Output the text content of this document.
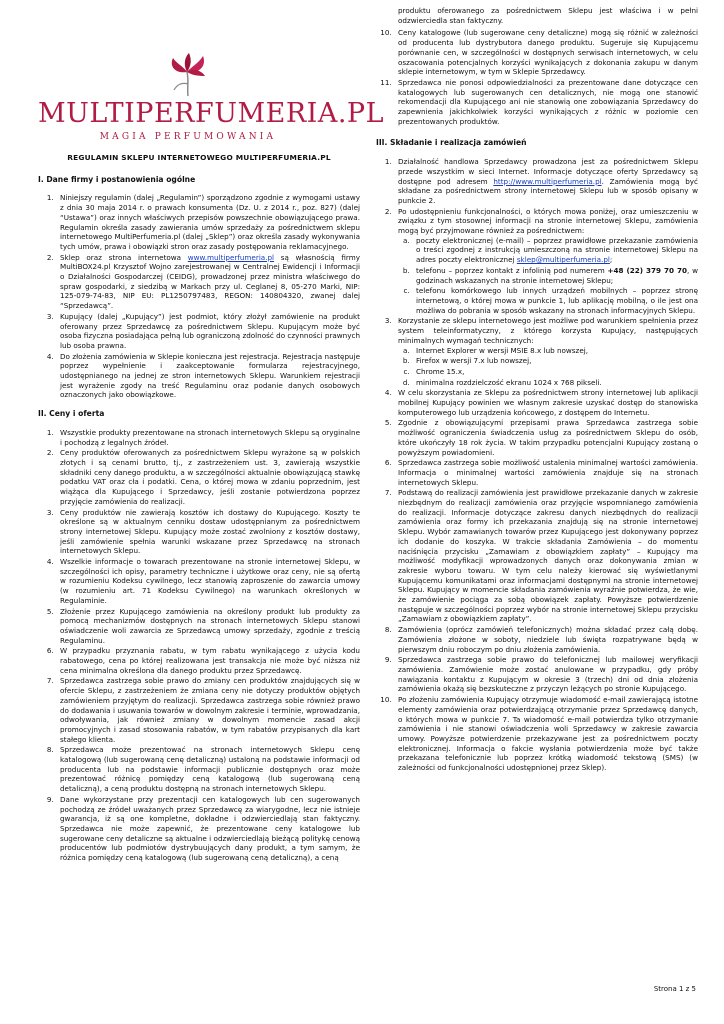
MULTIPERFUMERIA.PL
MAGIA PERFUMOWANIA
REGULAMIN SKLEPU INTERNETOWEGO MULTIPERFUMERIA.PL
I. Dane firmy i postanowienia ogólne
1. Niniejszy regulamin (dalej „Regulamin”) sporządzono zgodnie z wymogami ustawy z dnia 30 maja 2014 r. o prawach konsumenta (Dz. U. z 2014 r., poz. 827) (dalej “Ustawa”) oraz innych właściwych przepisów powszechnie obowiązującego prawa. Regulamin określa zasady zawierania umów sprzedaży za pośrednictwem sklepu internetowego MultiPerfumeria.pl (dalej „Sklep”) oraz określa zasady wykonywania tych umów, prawa i obowiązki stron oraz zasady postępowania reklamacyjnego.
2. Sklep oraz strona internetowa www.multiperfumeria.pl są własnością firmy MultiBOX24.pl Krzysztof Wojno zarejestrowanej w Centralnej Ewidencji i Informacji o Działalności Gospodarczej (CEIDG), prowadzonej przez ministra właściwego do spraw gospodarki, z siedzibą w Markach przy ul. Ceglanej 8, 05-270 Marki, NIP: 125-079-74-83, NIP EU: PL1250797483, REGON: 140804320, zwanej dalej “Sprzedawcą”.
3. Kupujący (dalej „Kupujący”) jest podmiot, który złożył zamówienie na produkt oferowany przez Sprzedawcę za pośrednictwem Sklepu. Kupującym może być osoba fizyczna posiadająca pełną lub ograniczoną zdolność do czynności prawnych lub osoba prawna.
4. Do złożenia zamówienia w Sklepie konieczna jest rejestracja. Rejestracja następuje poprzez wypełnienie i zaakceptowanie formularza rejestracyjnego, udostępnianego na jednej ze stron internetowych Sklepu. Warunkiem rejestracji jest wyrażenie zgody na treść Regulaminu oraz podanie danych osobowych oznaczonych jako obowiązkowe.
II. Ceny i oferta
1. Wszystkie produkty prezentowane na stronach internetowych Sklepu są oryginalne i pochodzą z legalnych źródeł.
2. Ceny produktów oferowanych za pośrednictwem Sklepu wyrażone są w polskich złotych i są cenami brutto, tj., z zastrzeżeniem ust. 3, zawierają wszystkie składniki ceny danego produktu, a w szczególności aktualnie obowiązującą stawkę podatku VAT oraz cła i podatki. Cena, o której mowa w zdaniu poprzednim, jest wiążąca dla Kupującego i Sprzedawcy, jeśli zostanie potwierdzona poprzez przyjęcie zamówienia do realizacji.
3. Ceny produktów nie zawierają kosztów ich dostawy do Kupującego. Koszty te określone są w aktualnym cenniku dostaw udostępnianym za pośrednictwem strony internetowej Sklepu. Kupujący może zostać zwolniony z kosztów dostawy, jeśli zamówienie spełnia warunki wskazane przez Sprzedawcę na stronach internetowych Sklepu.
4. Wszelkie informacje o towarach prezentowane na stronie internetowej Sklepu, w szczególności ich opisy, parametry techniczne i użytkowe oraz ceny, nie są ofertą w rozumieniu Kodeksu cywilnego, lecz stanowią zaproszenie do zawarcia umowy (w rozumieniu art. 71 Kodeksu Cywilnego) na warunkach określonych w Regulaminie.
5. Złożenie przez Kupującego zamówienia na określony produkt lub produkty za pomocą mechanizmów dostępnych na stronach internetowych Sklepu stanowi oświadczenie woli zawarcia ze Sprzedawcą umowy sprzedaży, zgodnie z treścią Regulaminu.
6. W przypadku przyznania rabatu, w tym rabatu wynikającego z użycia kodu rabatowego, cena po której realizowana jest transakcja nie może być niższa niż cena minimalna określona dla danego produktu przez Sprzedawcę.
7. Sprzedawca zastrzega sobie prawo do zmiany cen produktów znajdujących się w ofercie Sklepu, z zastrzeżeniem że zmiana ceny nie dotyczy produktów objętych zamówieniem przyjętym do realizacji. Sprzedawca zastrzega sobie również prawo do dodawania i usuwania towarów w dowolnym zakresie i terminie, wprowadzania, odwoływania, jak również zmiany w dowolnym momencie zasad akcji promocyjnych i zasad stosowania rabatów, w tym rabatów przypisanych dla kart stałego klienta.
8. Sprzedawca może prezentować na stronach internetowych Sklepu cenę katalogową (lub sugerowaną cenę detaliczną) ustaloną na podstawie informacji od producenta lub na podstawie informacji publicznie dostępnych oraz może prezentować różnicę pomiędzy ceną katalogową (lub sugerowaną ceną detaliczną), a ceną produktu dostępną na stronach internetowych Sklepu.
9. Dane wykorzystane przy prezentacji cen katalogowych lub cen sugerowanych pochodzą ze źródeł uważanych przez Sprzedawcę za wiarygodne, lecz nie istnieje gwarancja, iż są one kompletne, dokładne i odzwierciedlają stan faktyczny. Sprzedawca nie może zapewnić, że prezentowane ceny katalogowe lub sugerowane ceny detaliczne są aktualne i odzwierciedlają bieżącą politykę cenową producentów lub podmiotów dystrybuujących dany produkt, a tym samym, że różnica pomiędzy ceną katalogową (lub sugerowaną ceną detaliczną), a ceną
produktu oferowanego za pośrednictwem Sklepu jest właściwa i w pełni odzwierciedla stan faktyczny.
10. Ceny katalogowe (lub sugerowane ceny detaliczne) mogą się różnić w zależności od producenta lub dystrybutora danego produktu. Sugeruje się Kupującemu porównanie cen, w szczególności w dostępnych serwisach internetowych, w celu oszacowania potencjalnych korzyści wynikających z dokonania zakupu w danym sklepie internetowym, w tym w Sklepie Sprzedawcy.
11. Sprzedawca nie ponosi odpowiedzialności za prezentowane dane dotyczące cen katalogowych lub sugerowanych cen detalicznych, nie mogą one stanowić rekomendacji dla Kupującego ani nie stanowią one zobowiązania Sprzedawcy do zapewnienia jakichkolwiek korzyści wynikających z różnic w poziomie cen prezentowanych produktów.
III. Składanie i realizacja zamówień
1. Działalność handlowa Sprzedawcy prowadzona jest za pośrednictwem Sklepu przede wszystkim w sieci Internet. Informacje dotyczące oferty Sprzedawcy są dostępne pod adresem http://www.multiperfumeria.pl. Zamówienia mogą być składane za pośrednictwem strony internetowej Sklepu lub w sposób opisany w punkcie 2.
2. Po udostępnieniu funkcjonalności, o których mowa poniżej, oraz umieszczeniu w związku z tym stosownej informacji na stronie internetowej Sklepu, zamówienia mogą być przyjmowane również za pośrednictwem:
a. poczty elektronicznej (e-mail) – poprzez prawidłowe przekazanie zamówienia o treści zgodnej z instrukcją umieszczoną na stronie internetowej Sklepu na adres poczty elektronicznej sklep@multiperfumeria.pl;
b. telefonu – poprzez kontakt z infolinią pod numerem +48 (22) 379 70 70, w godzinach wskazanych na stronie internetowej Sklepu;
c. telefonu komórkowego lub innych urządzeń mobilnych – poprzez stronę internetową, o której mowa w punkcie 1, lub aplikację mobilną, o ile jest ona możliwa do pobrania w sposób wskazany na stronach informacyjnych Sklepu.
3. Korzystanie ze sklepu internetowego jest możliwe pod warunkiem spełnienia przez system teleinformatyczny, z którego korzysta Kupujący, następujących minimalnych wymagań technicznych:
a. Internet Explorer w wersji MSIE 8.x lub nowszej,
b. Firefox w wersji 7.x lub nowszej,
c. Chrome 15.x,
d. minimalna rozdzielczość ekranu 1024 x 768 pikseli.
4. W celu skorzystania ze Sklepu za pośrednictwem strony internetowej lub aplikacji mobilnej Kupujący powinien we własnym zakresie uzyskać dostęp do stanowiska komputerowego lub urządzenia końcowego, z dostępem do Internetu.
5. Zgodnie z obowiązującymi przepisami prawa Sprzedawca zastrzega sobie możliwość ograniczenia świadczenia usług za pośrednictwem Sklepu do osób, które ukończyły 18 rok życia. W takim przypadku potencjalni Kupujący zostaną o powyższym powiadomieni.
6. Sprzedawca zastrzega sobie możliwość ustalenia minimalnej wartości zamówienia. Informacja o minimalnej wartości zamówienia znajduje się na stronach internetowych Sklepu.
7. Podstawą do realizacji zamówienia jest prawidłowe przekazanie danych w zakresie niezbędnym do realizacji zamówienia oraz przyjęcie wspomnianego zamówienia do realizacji. Informacje dotyczące zakresu danych niezbędnych do realizacji zamówienia oraz formy ich przekazania znajdują się na stronie internetowej Sklepu. Wybór zamawianych towarów przez Kupującego jest dokonywany poprzez ich dodanie do koszyka. W trakcie składania Zamówienia – do momentu naciśnięcia przycisku „Zamawiam z obowiązkiem zapłaty” – Kupujący ma możliwość modyfikacji wprowadzonych danych oraz dokonywania zmian w zakresie wyboru towaru. W tym celu należy kierować się wyświetlanymi Kupującemu komunikatami oraz informacjami dostępnymi na stronie internetowej Sklepu. Kupujący w momencie składania zamówienia wyraźnie potwierdza, że wie, że zamówienie pociąga za sobą obowiązek zapłaty. Powyższe potwierdzenie następuje w szczególności poprzez wybór na stronie internetowej Sklepu przycisku „Zamawiam z obowiązkiem zapłaty”.
8. Zamówienia (oprócz zamówień telefonicznych) można składać przez całą dobę. Zamówienia złożone w soboty, niedziele lub święta rozpatrywane będą w pierwszym dniu roboczym po dniu złożenia zamówienia.
9. Sprzedawca zastrzega sobie prawo do telefonicznej lub mailowej weryfikacji zamówienia. Zamówienie może zostać anulowane w przypadku, gdy próby nawiązania kontaktu z Kupującym w okresie 3 (trzech) dni od dnia złożenia zamówienia okażą się bezskuteczne z przyczyn leżących po stronie Kupującego.
10. Po złożeniu zamówienia Kupujący otrzymuje wiadomość e-mail zawierającą istotne elementy zamówienia oraz potwierdzającą otrzymanie przez Sprzedawcę danych, o których mowa w punkcie 7. Ta wiadomość e-mail potwierdza tylko otrzymanie zamówienia i nie stanowi oświadczenia woli Sprzedawcy w zakresie zawarcia umowy. Powyższe potwierdzenie przekazywane jest za pośrednictwem poczty elektronicznej. Informacja o fakcie wysłania potwierdzenia może być także przekazana telefonicznie lub poprzez krótką wiadomość tekstową (SMS) (w zależności od funkcjonalności udostępnionej przez Sklep).
Strona 1 z 5
